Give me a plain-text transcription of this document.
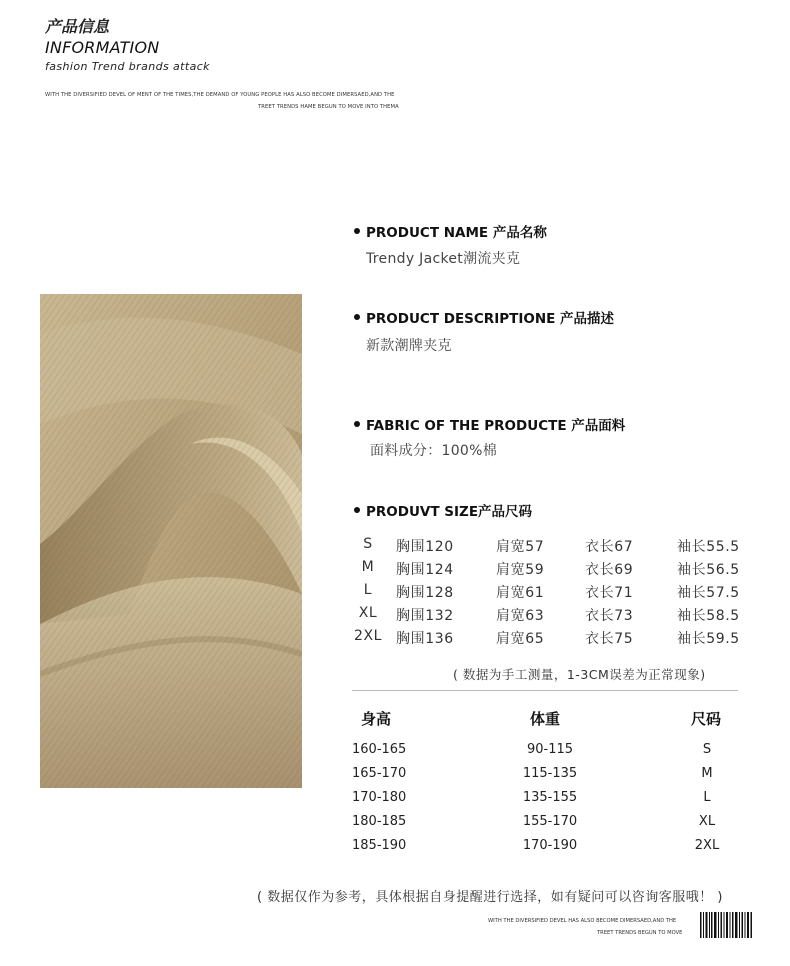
产品信息
INFORMATION
fashion Trend brands attack
WITH THE DIVERSIFIED DEVEL OF MENT OF THE TIMES,THE DEMAND OF YOUNG PEOPLE HAS ALSO BECOME DIMERSAED,AND THE
TREET TRENDS HAME BEGUN TO MOVE INTO THEMA
PRODUCT NAME 产品名称
Trendy Jacket潮流夹克
PRODUCT DESCRIPTIONE 产品描述
新款潮牌夹克
FABRIC OF THE PRODUCTE 产品面料
面料成分：100%棉
PRODUVT SIZE产品尺码
S	胸围120	肩宽57	衣长67	袖长55.5
M	胸围124	肩宽59	衣长69	袖长56.5
L	胸围128	肩宽61	衣长71	袖长57.5
XL	胸围132	肩宽63	衣长73	袖长58.5
2XL 胸围136	肩宽65	衣长75	袖长59.5
( 数据为手工测量，1-3CM误差为正常现象)
身高	体重	尺码
160-165	90-115	S
165-170	115-135	M
170-180	135-155	L
180-185	155-170	XL
185-190	170-190	2XL
( 数据仅作为参考，具体根据自身提醒进行选择，如有疑问可以咨询客服哦！ )
WITH THE DIVERSIFIED DEVEL HAS ALSO BECOME DIMERSAED,AND THE
TREET TRENDS BEGUN TO MOVE
